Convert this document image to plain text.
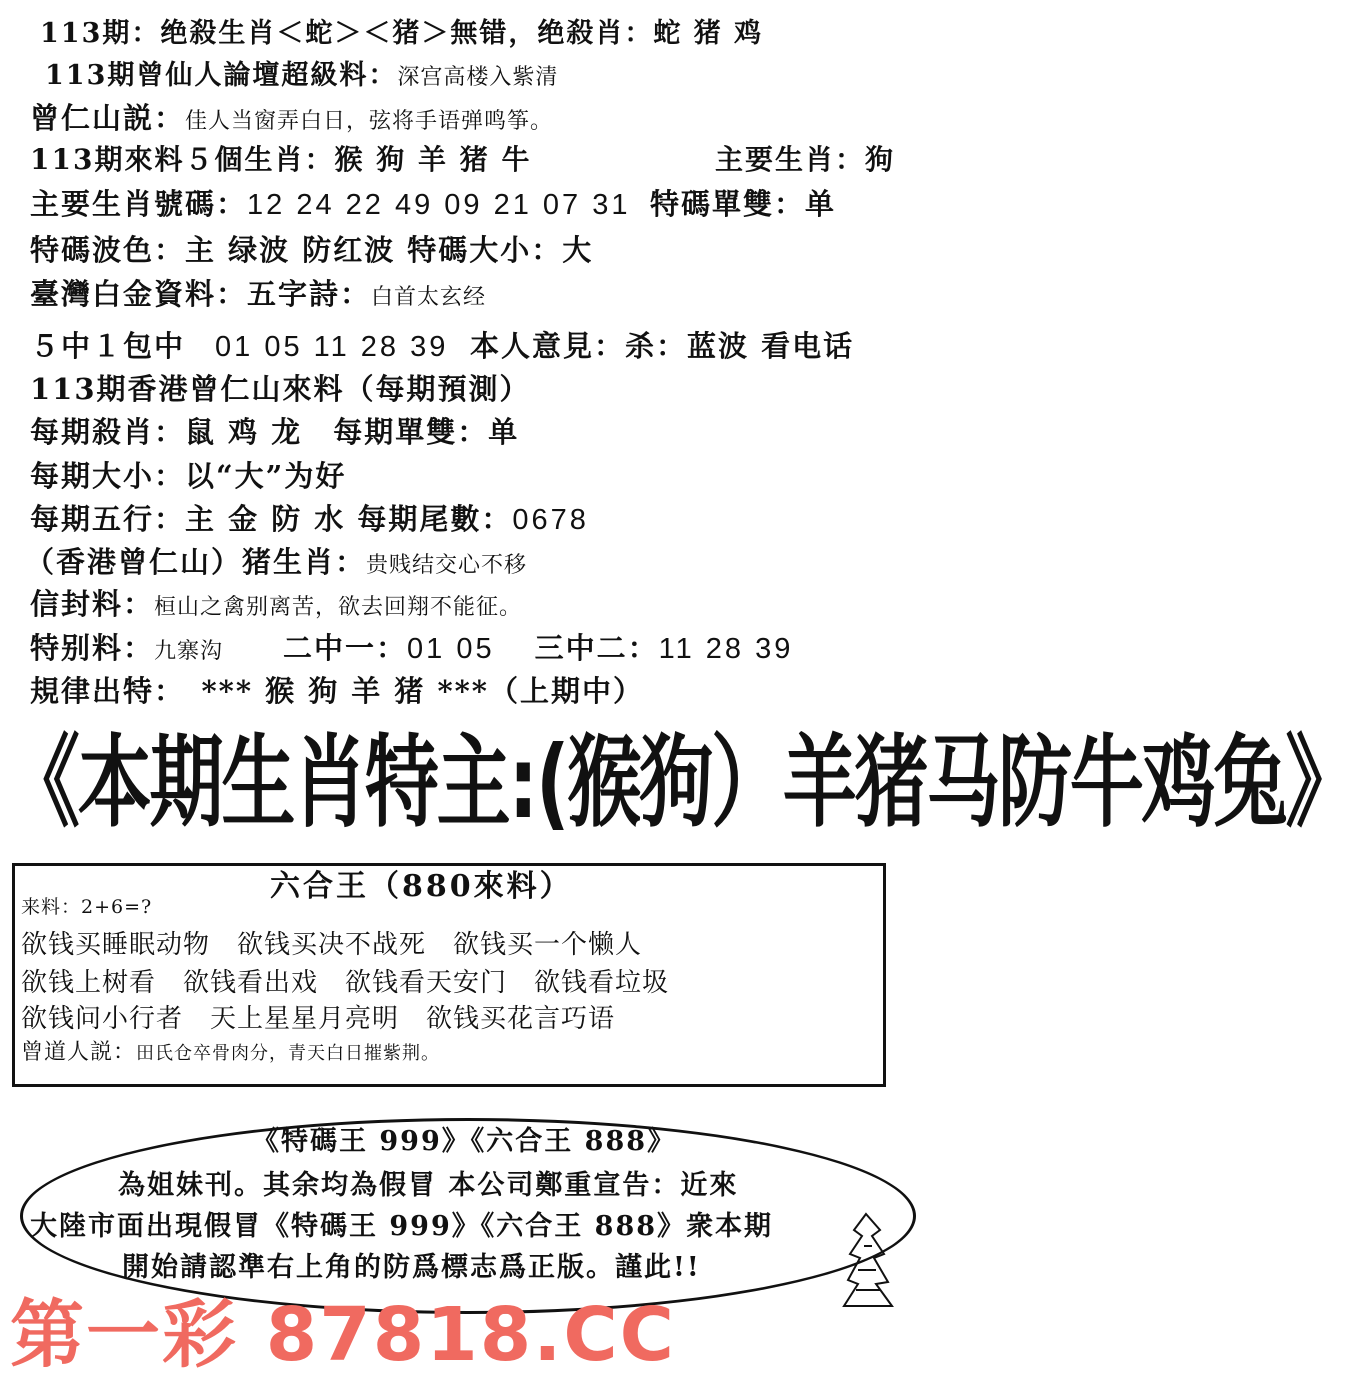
113期：绝殺生肖＜蛇＞＜猪＞無错，绝殺肖：蛇 猪 鸡
113期曾仙人論壇超級料：深宫高楼入紫清
曾仁山説：佳人当窗弄白日，弦将手语弹鸣筝。
113期來料５個生肖：猴 狗 羊 猪 牛	主要生肖：狗
主要生肖號碼：12 24 22 49 09 21 07 31 特碼單雙：单
特碼波色：主 绿波 防红波 特碼大小：大
臺灣白金資料：五字詩：白首太玄经
５中１包中 01 05 11 28 39 本人意見：杀：蓝波 看电话
113期香港曾仁山來料（每期預測）
每期殺肖：鼠 鸡 龙　每期單雙：单
每期大小：以“大”为好
每期五行：主 金 防 水 每期尾數：0678
（香港曾仁山）猪生肖：贵贱结交心不移
信封料：桓山之禽别离苦，欲去回翔不能征。
特别料：九寨沟 二中一：01 05 三中二：11 28 39
規律出特：　*** 猴 狗 羊 猪 ***（上期中）
《本期生肖特主:(猴狗）羊猪马防牛鸡兔》
六合王（880來料）
来料：2+6=?
欲钱买睡眠动物　欲钱买决不战死　欲钱买一个懒人
欲钱上树看　欲钱看出戏　欲钱看天安门　欲钱看垃圾
欲钱问小行者　天上星星月亮明　欲钱买花言巧语
曾道人説：田氏仓卒骨肉分，青天白日摧紫荆。
《特碼王 999》《六合王 888》
為姐妹刊。其余均為假冒 本公司鄭重宣告：近來
大陸市面出現假冒《特碼王 999》《六合王 888》衆本期
開始請認準右上角的防爲標志爲正版。謹此!!
第一彩 87818.CC
